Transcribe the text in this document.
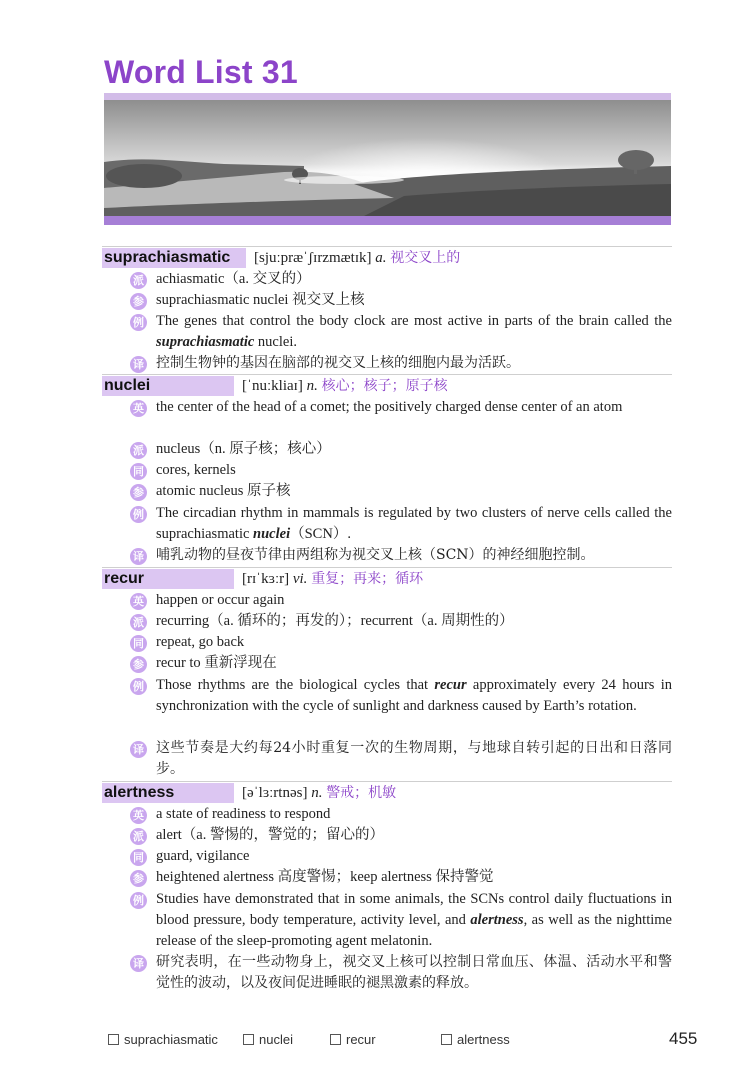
Word List 31
suprachiasmatic	[sjuːpræˈʃɪrzmætɪk] a. 视交叉上的
派 achiasmatic（a. 交叉的）
参 suprachiasmatic nuclei 视交叉上核
例 The genes that control the body clock are most active in parts of the brain called the suprachiasmatic nuclei.
译 控制生物钟的基因在脑部的视交叉上核的细胞内最为活跃。
nuclei	[ˈnuːkliaɪ] n. 核心；核子；原子核
英 the center of the head of a comet; the positively charged dense center of an atom
派 nucleus（n. 原子核；核心）
同 cores, kernels
参 atomic nucleus 原子核
例 The circadian rhythm in mammals is regulated by two clusters of nerve cells called the suprachiasmatic nuclei（SCN）.
译 哺乳动物的昼夜节律由两组称为视交叉上核（SCN）的神经细胞控制。
recur	[rɪˈkɜːr] vi. 重复；再来；循环
英 happen or occur again
派 recurring（a. 循环的；再发的）；recurrent（a. 周期性的）
同 repeat, go back
参 recur to 重新浮现在
例 Those rhythms are the biological cycles that recur approximately every 24 hours in synchronization with the cycle of sunlight and darkness caused by Earth’s rotation.
译 这些节奏是大约每24小时重复一次的生物周期，与地球自转引起的日出和日落同步。
alertness	[əˈlɜːrtnəs] n. 警戒；机敏
英 a state of readiness to respond
派 alert（a. 警惕的，警觉的；留心的）
同 guard, vigilance
参 heightened alertness 高度警惕；keep alertness 保持警觉
例 Studies have demonstrated that in some animals, the SCNs control daily fluctuations in blood pressure, body temperature, activity level, and alertness, as well as the nighttime release of the sleep-promoting agent melatonin.
译 研究表明，在一些动物身上，视交叉上核可以控制日常血压、体温、活动水平和警觉性的波动，以及夜间促进睡眠的褪黑激素的释放。
suprachiasmatic	nuclei	recur	alertness	455
